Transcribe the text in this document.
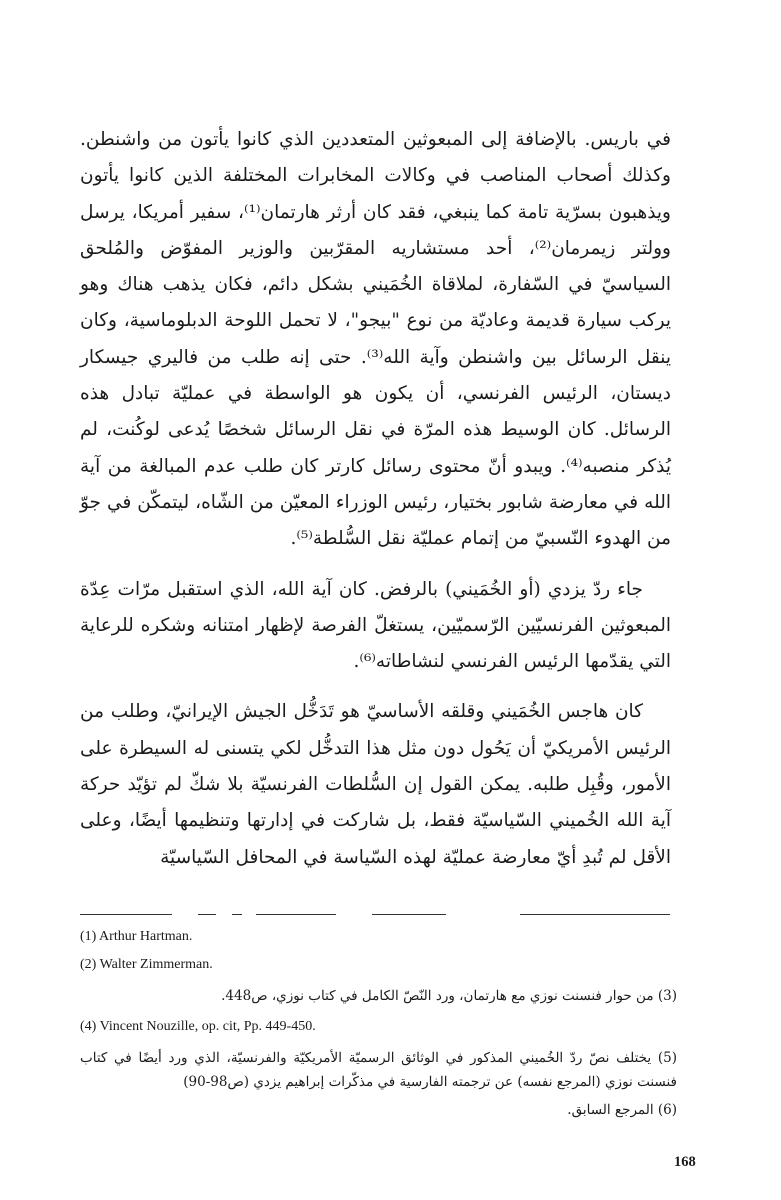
في باريس. بالإضافة إلى المبعوثين المتعددين الذي كانوا يأتون من واشنطن. وكذلك أصحاب المناصب في وكالات المخابرات المختلفة الذين كانوا يأتون ويذهبون بسرّية تامة كما ينبغي، فقد كان أرثر هارتمان⁽¹⁾، سفير أمريكا، يرسل وولتر زيمرمان⁽²⁾، أحد مستشاريه المقرّبين والوزير المفوّض والمُلحق السياسيّ في السّفارة، لملاقاة الخُمَيني بشكل دائم، فكان يذهب هناك وهو يركب سيارة قديمة وعاديّة من نوع "بيجو"، لا تحمل اللوحة الدبلوماسية، وكان ينقل الرسائل بين واشنطن وآية الله⁽³⁾. حتى إنه طلب من فاليري جيسكار ديستان، الرئيس الفرنسي، أن يكون هو الواسطة في عمليّة تبادل هذه الرسائل. كان الوسيط هذه المرّة في نقل الرسائل شخصًا يُدعى لوكُنت، لم يُذكر منصبه⁽⁴⁾. ويبدو أنّ محتوى رسائل كارتر كان طلب عدم المبالغة من آية الله في معارضة شابور بختيار، رئيس الوزراء المعيّن من الشّاه، ليتمكّن في جوّ من الهدوء النّسبيّ من إتمام عمليّة نقل السُّلطة⁽⁵⁾.

جاء ردّ يزدي (أو الخُمَيني) بالرفض. كان آية الله، الذي استقبل مرّات عِدّة المبعوثين الفرنسيّين الرّسميّين، يستغلّ الفرصة لإظهار امتنانه وشكره للرعاية التي يقدّمها الرئيس الفرنسي لنشاطاته⁽⁶⁾.

كان هاجس الخُمَيني وقلقه الأساسيّ هو تَدَخُّل الجيش الإيرانيّ، وطلب من الرئيس الأمريكيّ أن يَحُول دون مثل هذا التدخُّل لكي يتسنى له السيطرة على الأمور، وقُبِل طلبه. يمكن القول إن السُّلطات الفرنسيّة بلا شكّ لم تؤيّد حركة آية الله الخُميني السّياسيّة فقط، بل شاركت في إدارتها وتنظيمها أيضًا، وعلى الأقل لم تُبدِ أيّ معارضة عمليّة لهذه السّياسة في المحافل السّياسيّة

(1) Arthur Hartman.

(2) Walter Zimmerman.

(3) من حوار فنسنت نوزي مع هارتمان، ورد النّصّ الكامل في كتاب نوزي، ص448.

(4) Vincent Nouzille, op. cit, Pp. 449-450.

(5) يختلف نصّ ردّ الخُميني المذكور في الوثائق الرسميّة الأمريكيّة والفرنسيّة، الذي ورد أيضًا في كتاب فنسنت نوزي (المرجع نفسه) عن ترجمته الفارسية في مذكّرات إبراهيم يزدي (ص98-90)

(6) المرجع السابق.

168
